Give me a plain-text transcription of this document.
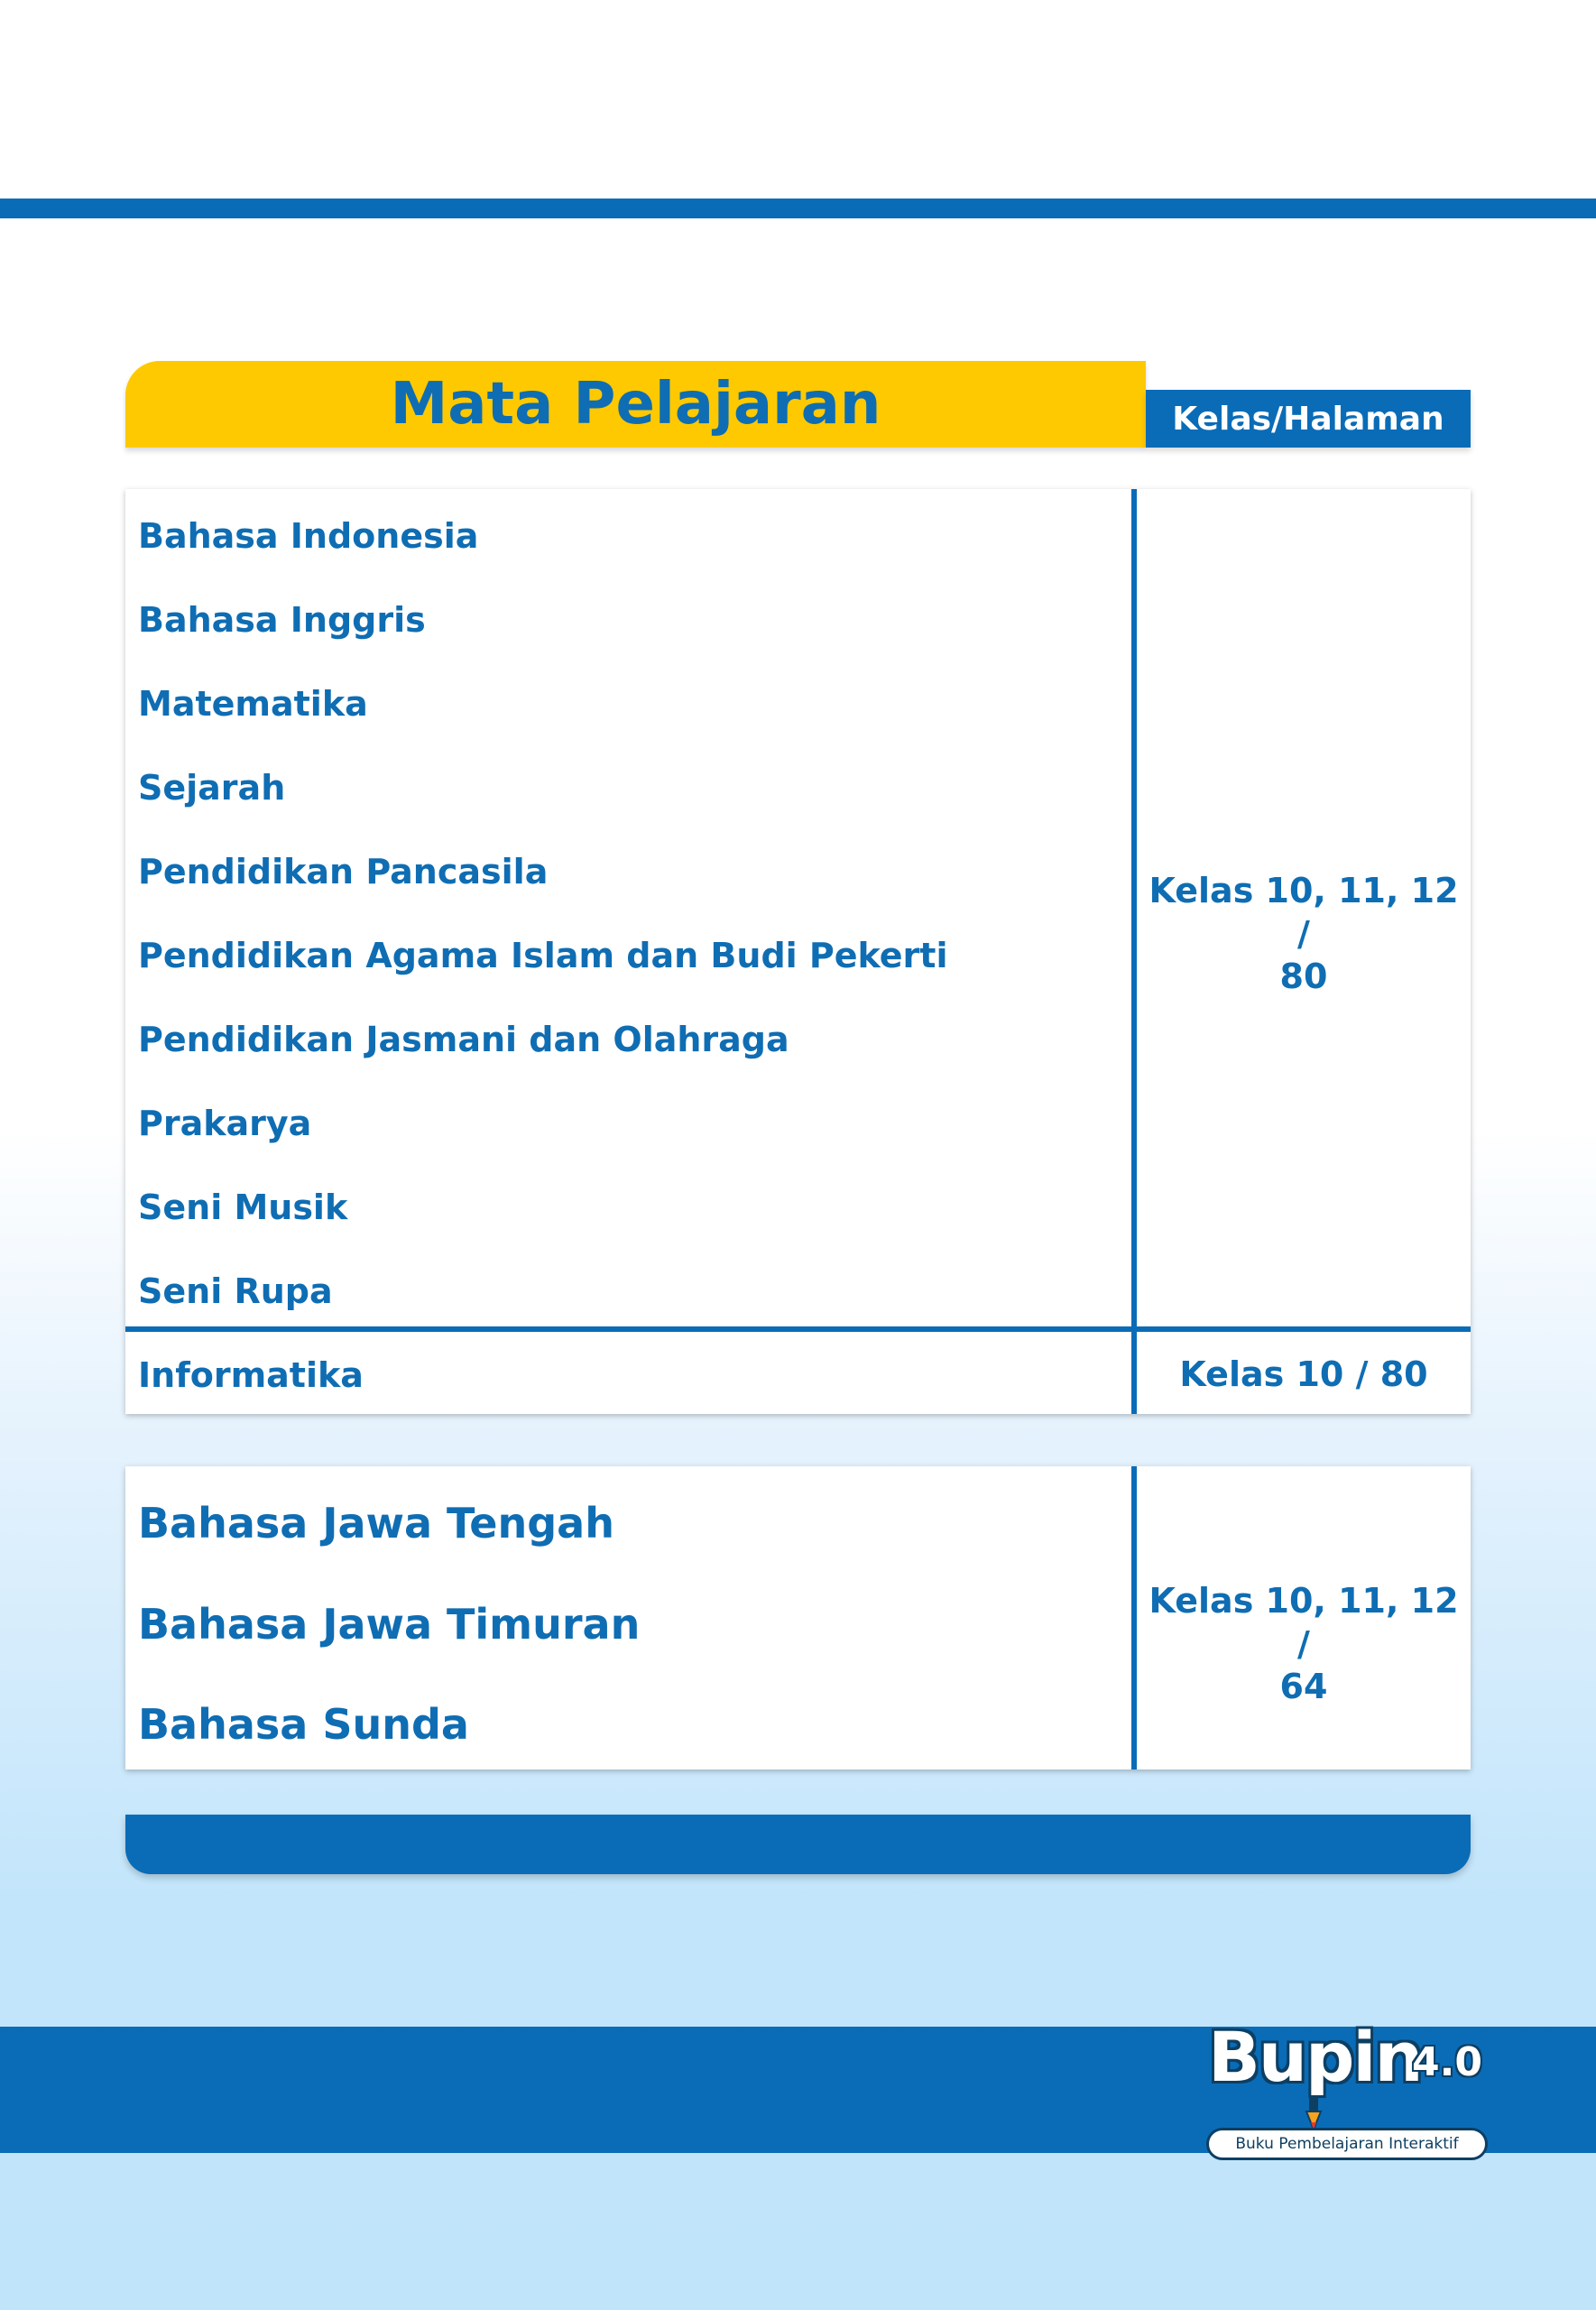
Mata Pelajaran	Kelas/Halaman
Bahasa Indonesia
Bahasa Inggris
Matematika
Sejarah
Pendidikan Pancasila
Pendidikan Agama Islam dan Budi Pekerti
Pendidikan Jasmani dan Olahraga
Prakarya
Seni Musik
Seni Rupa
Kelas 10, 11, 12 /
80
Informatika	Kelas 10 / 80
Bahasa Jawa Tengah
Bahasa Jawa Timuran
Bahasa Sunda
Kelas 10, 11, 12 /
64
Bupin
4.0
Buku Pembelajaran Interaktif
